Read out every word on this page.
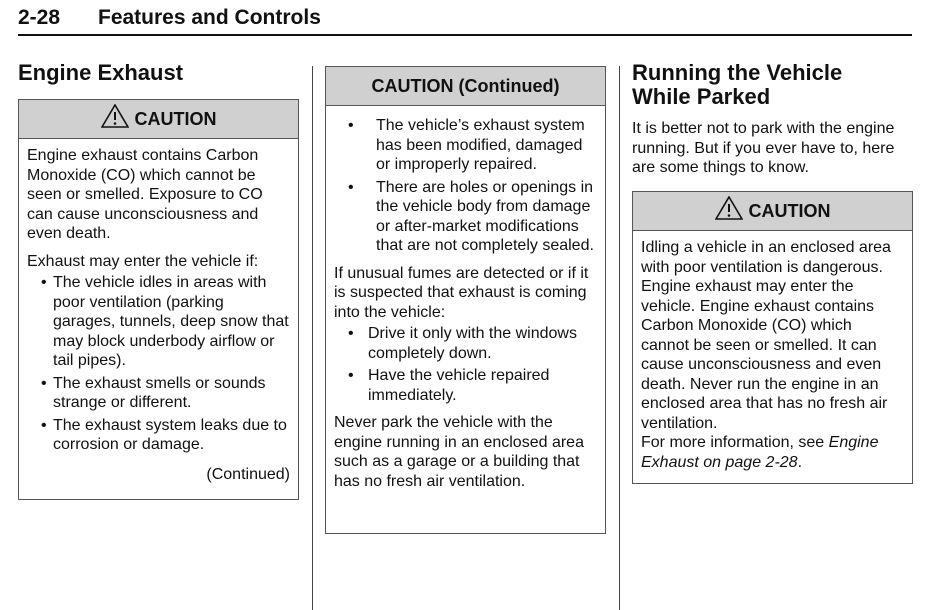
2-28 Features and Controls
Engine Exhaust
CAUTION

Engine exhaust contains Carbon Monoxide (CO) which cannot be seen or smelled. Exposure to CO can cause unconsciousness and even death.

Exhaust may enter the vehicle if:

• The vehicle idles in areas with poor ventilation (parking garages, tunnels, deep snow that may block underbody airflow or tail pipes).
• The exhaust smells or sounds strange or different.
• The exhaust system leaks due to corrosion or damage.
(Continued)
CAUTION (Continued)
• The vehicle’s exhaust system has been modified, damaged or improperly repaired.
• There are holes or openings in the vehicle body from damage or after-market modifications that are not completely sealed.

If unusual fumes are detected or if it is suspected that exhaust is coming into the vehicle:

• Drive it only with the windows completely down.
• Have the vehicle repaired immediately.

Never park the vehicle with the engine running in an enclosed area such as a garage or a building that has no fresh air ventilation.

Running the Vehicle
While Parked
It is better not to park with the engine running. But if you ever have to, here are some things to know.
CAUTION
Idling a vehicle in an enclosed area with poor ventilation is dangerous. Engine exhaust may enter the vehicle. Engine exhaust contains Carbon Monoxide (CO) which cannot be seen or smelled. It can cause unconsciousness and even death. Never run the engine in an enclosed area that has no fresh air ventilation.
For more information, see Engine Exhaust on page 2-28.
